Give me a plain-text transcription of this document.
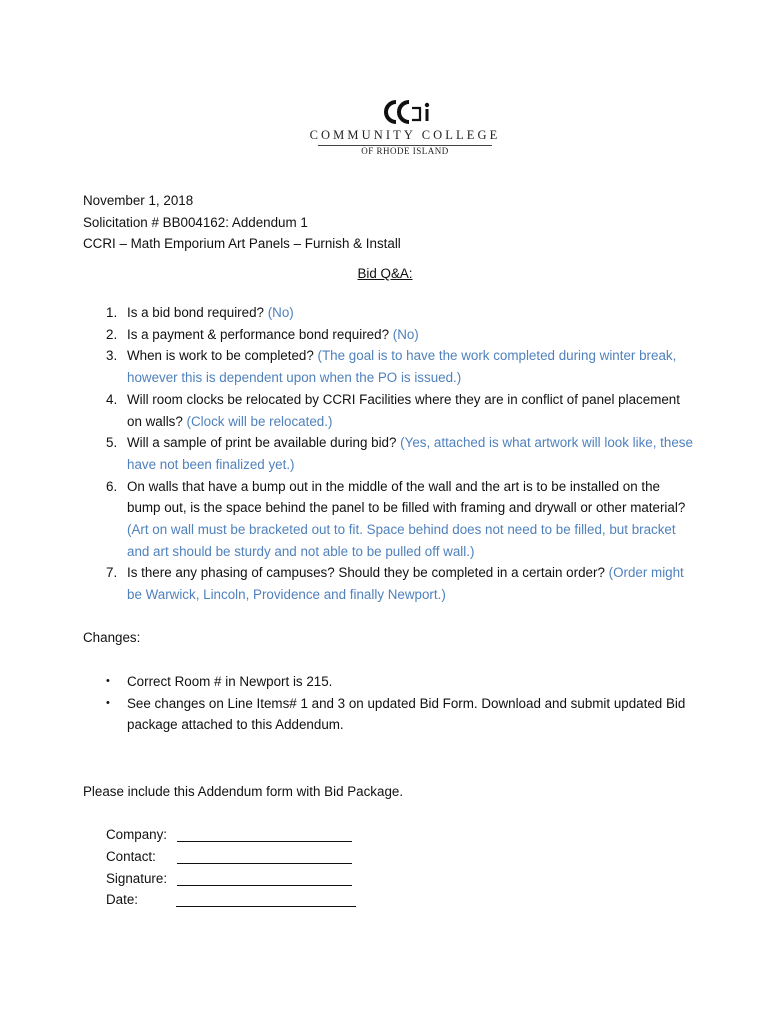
COMMUNITY COLLEGE
OF RHODE ISLAND
November 1, 2018
Solicitation # BB004162: Addendum 1
CCRI – Math Emporium Art Panels – Furnish & Install
Bid Q&A:
1. Is a bid bond required? (No)
2. Is a payment & performance bond required? (No)
3. When is work to be completed? (The goal is to have the work completed during winter break, however this is dependent upon when the PO is issued.)
4. Will room clocks be relocated by CCRI Facilities where they are in conflict of panel placement on walls? (Clock will be relocated.)
5. Will a sample of print be available during bid? (Yes, attached is what artwork will look like, these have not been finalized yet.)
6. On walls that have a bump out in the middle of the wall and the art is to be installed on the bump out, is the space behind the panel to be filled with framing and drywall or other material? (Art on wall must be bracketed out to fit. Space behind does not need to be filled, but bracket and art should be sturdy and not able to be pulled off wall.)
7. Is there any phasing of campuses? Should they be completed in a certain order? (Order might be Warwick, Lincoln, Providence and finally Newport.)
Changes:
•	Correct Room # in Newport is 215.
•	See changes on Line Items# 1 and 3 on updated Bid Form. Download and submit updated Bid package attached to this Addendum.
Please include this Addendum form with Bid Package.
Company:
Contact:
Signature:
Date:
